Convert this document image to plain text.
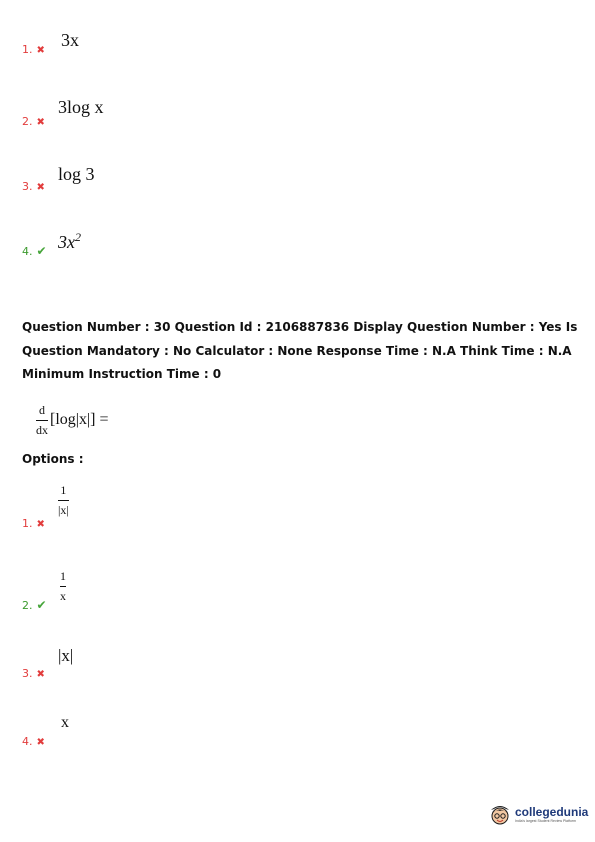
1. ✖
3x
2. ✖
3log x
3. ✖
log 3
4. ✔ $3x^2$
Question Number : 30 Question Id : 2106887836 Display Question Number : Yes Is Question Mandatory : No Calculator : None Response Time : N.A Think Time : N.A Minimum Instruction Time : 0
$\frac{d}{dx} [\log|x|]$ =
Options :
1. ✖
1
|x|
2. ✔
1
x
3. ✖
|x|
4. ✖
x
collegedunia
India's largest Student Review Platform
